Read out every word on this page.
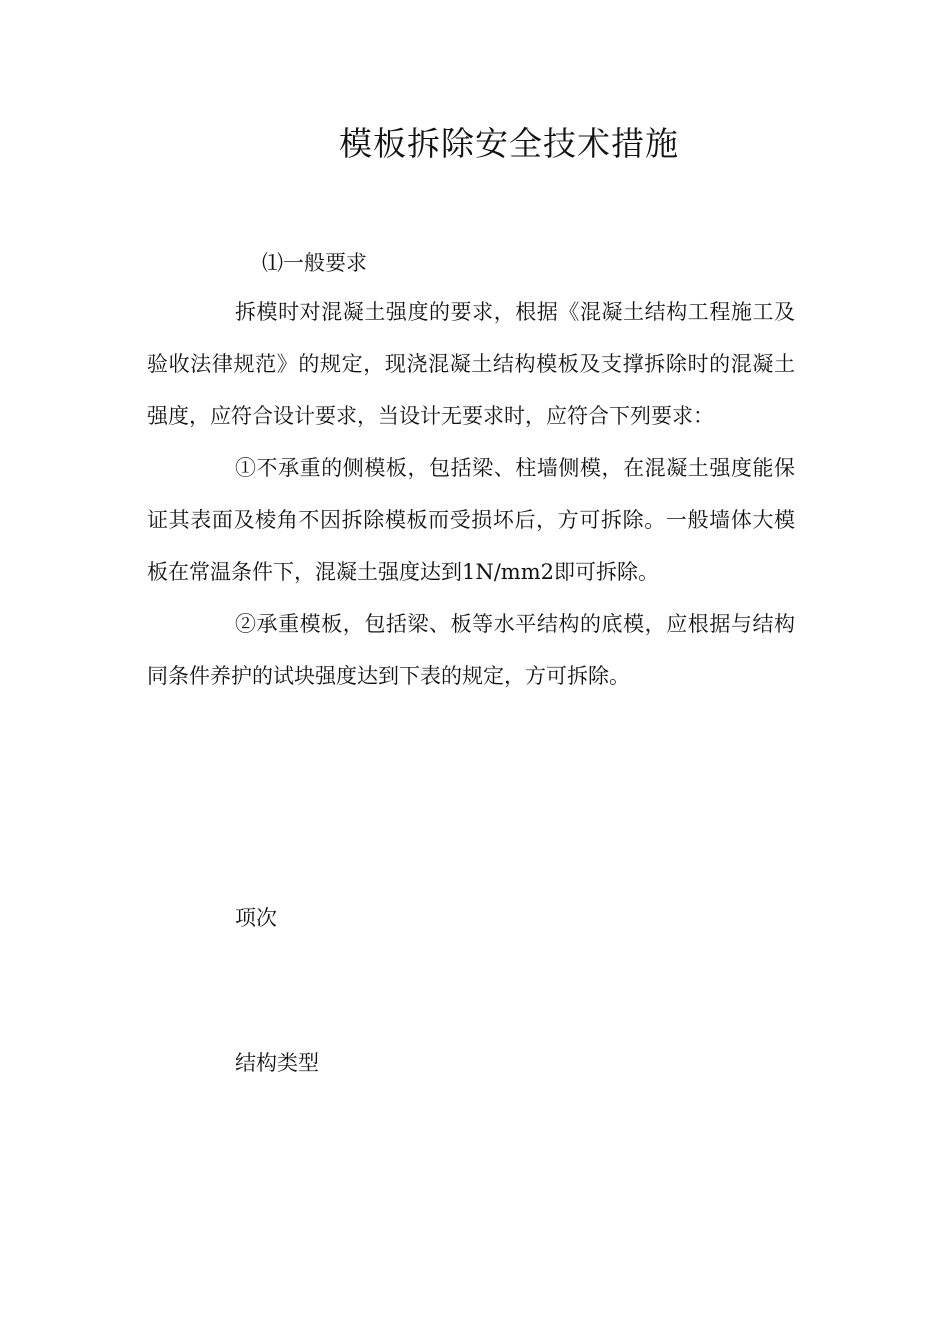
模板拆除安全技术措施

⑴一般要求

拆模时对混凝土强度的要求，根据《混凝土结构工程施工及验收法律规范》的规定，现浇混凝土结构模板及支撑拆除时的混凝土强度，应符合设计要求，当设计无要求时，应符合下列要求：

①不承重的侧模板，包括梁、柱墙侧模，在混凝土强度能保证其表面及棱角不因拆除模板而受损坏后，方可拆除。一般墙体大模板在常温条件下，混凝土强度达到1N/mm2即可拆除。

②承重模板，包括梁、板等水平结构的底模，应根据与结构同条件养护的试块强度达到下表的规定，方可拆除。

项次

结构类型
